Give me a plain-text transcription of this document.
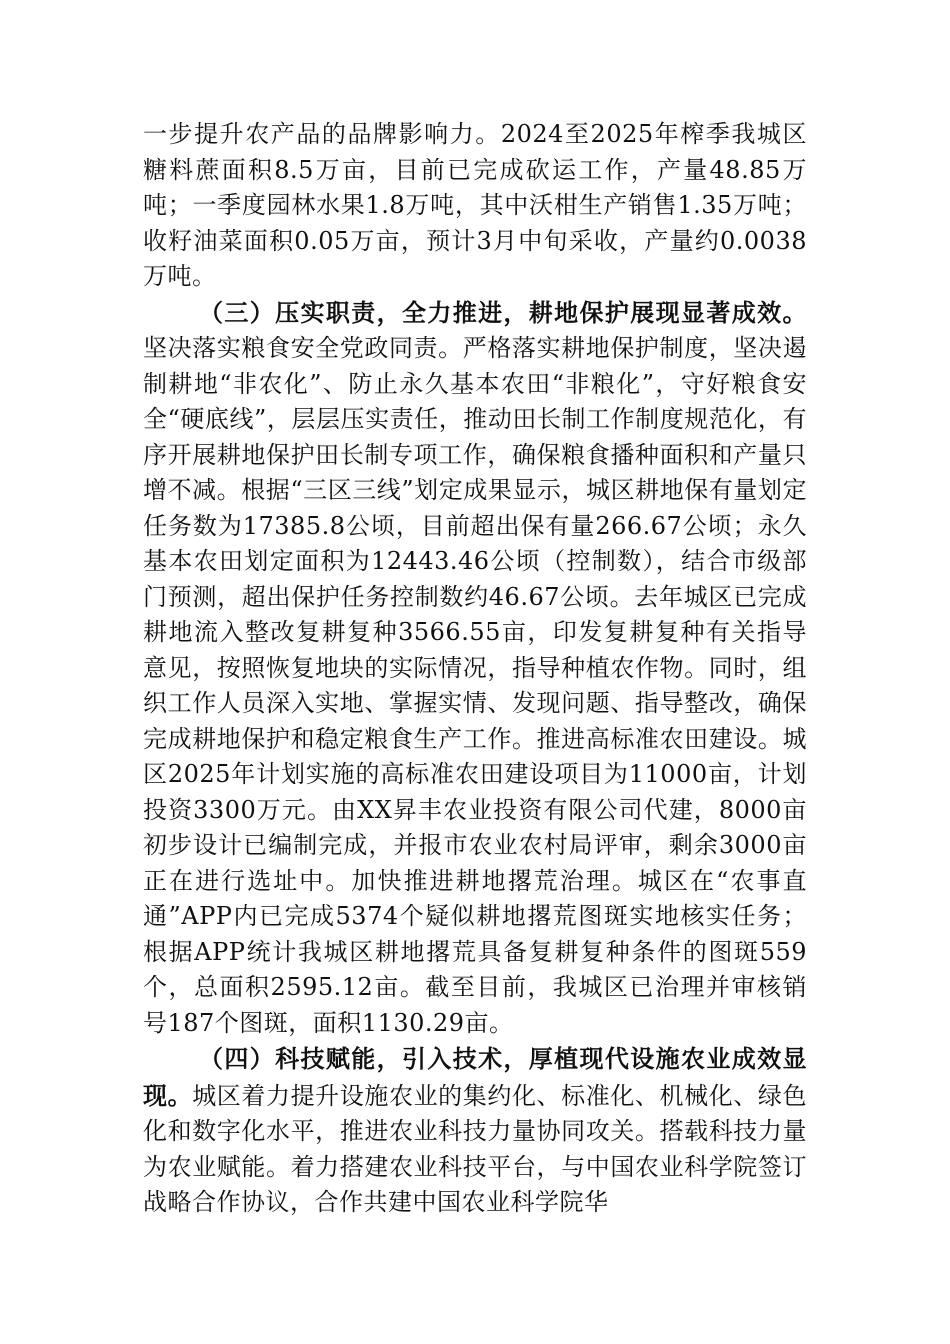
一步提升农产品的品牌影响力。2024至2025年榨季我城区糖料蔗面积8.5万亩，目前已完成砍运工作，产量48.85万吨；一季度园林水果1.8万吨，其中沃柑生产销售1.35万吨；收籽油菜面积0.05万亩，预计3月中旬采收，产量约0.0038万吨。

（三）压实职责，全力推进，耕地保护展现显著成效。坚决落实粮食安全党政同责。严格落实耕地保护制度，坚决遏制耕地“非农化”、防止永久基本农田“非粮化”，守好粮食安全“硬底线”，层层压实责任，推动田长制工作制度规范化，有序开展耕地保护田长制专项工作，确保粮食播种面积和产量只增不减。根据“三区三线”划定成果显示，城区耕地保有量划定任务数为17385.8公顷，目前超出保有量266.67公顷；永久基本农田划定面积为12443.46公顷（控制数），结合市级部门预测，超出保护任务控制数约46.67公顷。去年城区已完成耕地流入整改复耕复种3566.55亩，印发复耕复种有关指导意见，按照恢复地块的实际情况，指导种植农作物。同时，组织工作人员深入实地、掌握实情、发现问题、指导整改，确保完成耕地保护和稳定粮食生产工作。推进高标准农田建设。城区2025年计划实施的高标准农田建设项目为11000亩，计划投资3300万元。由XX昇丰农业投资有限公司代建，8000亩初步设计已编制完成，并报市农业农村局评审，剩余3000亩正在进行选址中。加快推进耕地撂荒治理。城区在“农事直通”APP内已完成5374个疑似耕地撂荒图斑实地核实任务；根据APP统计我城区耕地撂荒具备复耕复种条件的图斑559个，总面积2595.12亩。截至目前，我城区已治理并审核销号187个图斑，面积1130.29亩。

（四）科技赋能，引入技术，厚植现代设施农业成效显现。城区着力提升设施农业的集约化、标准化、机械化、绿色化和数字化水平，推进农业科技力量协同攻关。搭载科技力量为农业赋能。着力搭建农业科技平台，与中国农业科学院签订战略合作协议，合作共建中国农业科学院华
